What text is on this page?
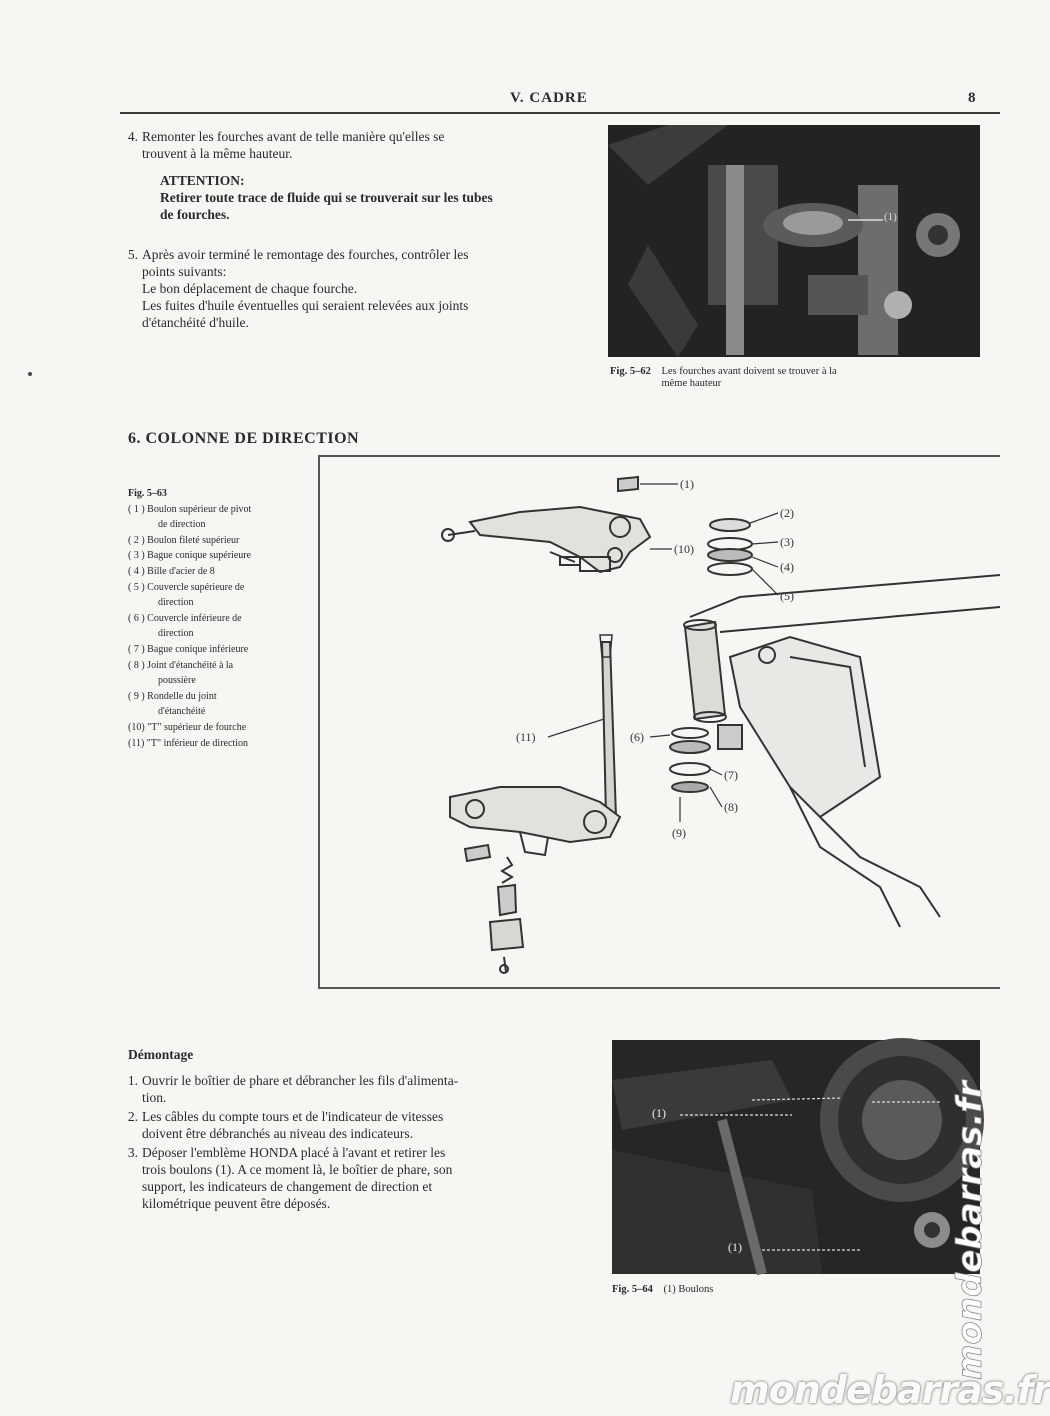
V. CADRE	8
4. Remonter les fourches avant de telle manière qu'elles se
trouvent à la même hauteur.
ATTENTION:
Retirer toute trace de fluide qui se trouverait sur les tubes
de fourches.
5. Après avoir terminé le remontage des fourches, contrôler les
points suivants:
Le bon déplacement de chaque fourche.
Les fuites d'huile éventuelles qui seraient relevées aux joints
d'étanchéité d'huile.
(1)
Fig. 5–62 Les fourches avant doivent se trouver à la
même hauteur
6. COLONNE DE DIRECTION
Fig. 5–63
( 1 ) Boulon supérieur de pivot
de direction
( 2 ) Boulon fileté supérieur
( 3 ) Bague conique supérieure
( 4 ) Bille d'acier de 8
( 5 ) Couvercle supérieure de
direction
( 6 ) Couvercle inférieure de
direction
( 7 ) Bague conique inférieure
( 8 ) Joint d'étanchéité à la
poussière
( 9 ) Rondelle du joint
d'étanchéité
(10) "T" supérieur de fourche
(11) "T" inférieur de direction
(1)
(2)
(3)
(4)
(5)
(10)
(11)	(6)
(7)
(8)
(9)
Démontage
1. Ouvrir le boîtier de phare et débrancher les fils d'alimenta-
tion.
2. Les câbles du compte tours et de l'indicateur de vitesses
doivent être débranchés au niveau des indicateurs.
3. Déposer l'emblème HONDA placé à l'avant et retirer les
trois boulons (1). A ce moment là, le boîtier de phare, son
support, les indicateurs de changement de direction et
kilométrique peuvent être déposés.
(1)
(1)
Fig. 5–64 (1) Boulons	mondebarras.fr
mondebarras.fr
